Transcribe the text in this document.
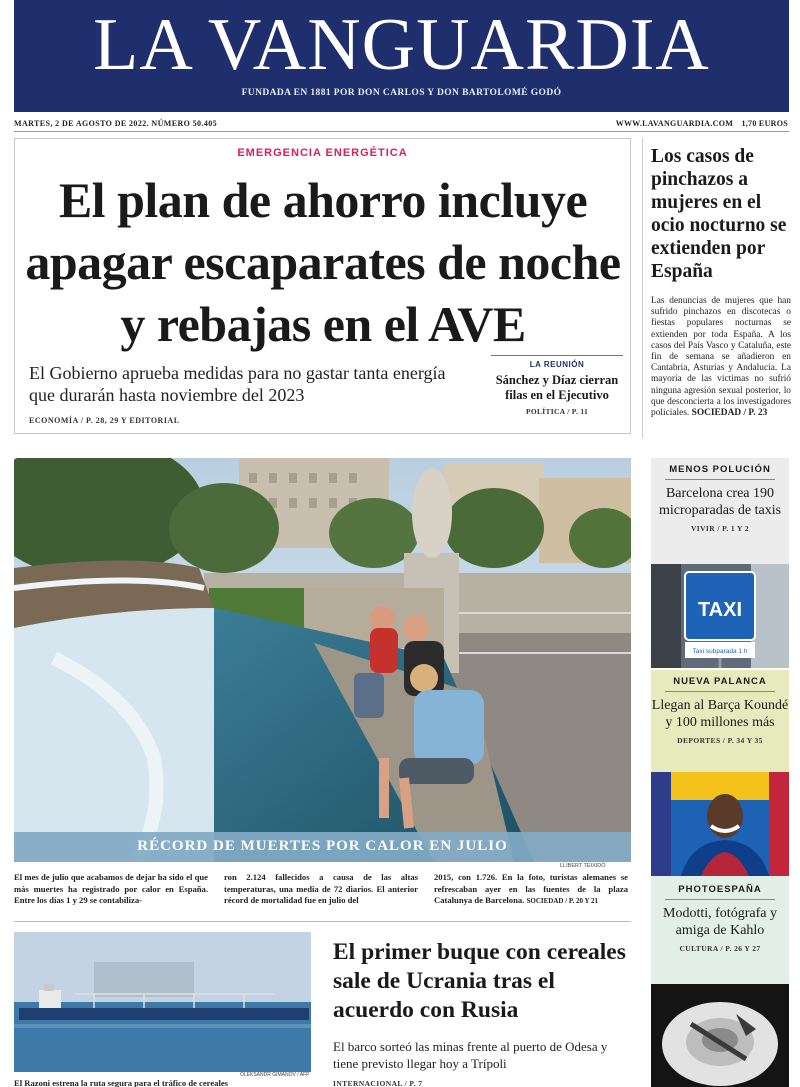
LA VANGUARDIA
FUNDADA EN 1881 POR DON CARLOS Y DON BARTOLOMÉ GODÓ
MARTES, 2 DE AGOSTO DE 2022. NÚMERO 50.405	WWW.LAVANGUARDIA.COM 1,70 EUROS
EMERGENCIA ENERGÉTICA
El plan de ahorro incluye apagar escaparates de noche y rebajas en el AVE
El Gobierno aprueba medidas para no gastar tanta energía que durarán hasta noviembre del 2023
ECONOMÍA / P. 28, 29 Y EDITORIAL
LA REUNIÓN
Sánchez y Díaz cierran filas en el Ejecutivo
POLÍTICA / P. 11
Los casos de pinchazos a mujeres en el ocio nocturno se extienden por España
Las denuncias de mujeres que han sufrido pinchazos en discotecas o fiestas populares nocturnas se extienden por toda España. A los casos del País Vasco y Cataluña, este fin de semana se añadieron en Cantabria, Asturias y Andalucía. La mayoría de las víctimas no sufrió ninguna agresión sexual posterior, lo que desconcierta a los investigadores policiales. SOCIEDAD / P. 23
RÉCORD DE MUERTES POR CALOR EN JULIO
LLIBERT TEIXIDÓ
El mes de julio que acabamos de dejar ha sido el que más muertes ha registrado por calor en España. Entre los días 1 y 29 se contabiliza-
ron 2.124 fallecidos a causa de las altas temperaturas, una media de 72 diarios. El anterior récord de mortalidad fue en julio del
2015, con 1.726. En la foto, turistas alemanes se refrescaban ayer en las fuentes de la plaza Catalunya de Barcelona. SOCIEDAD / P. 20 Y 21
MENOS POLUCIÓN
Barcelona crea 190 microparadas de taxis
VIVIR / P. 1 Y 2
TAXI
Taxi subparada 1 h
NUEVA PALANCA
Llegan al Barça Koundé y 100 millones más
DEPORTES / P. 34 Y 35
PHOTOESPAÑA
Modotti, fotógrafa y amiga de Kahlo
CULTURA / P. 26 Y 27
OLEKSANDR GIMANOV / AFP
El Razoni estrena la ruta segura para el tráfico de cereales
El primer buque con cereales sale de Ucrania tras el acuerdo con Rusia
El barco sorteó las minas frente al puerto de Odesa y tiene previsto llegar hoy a Trípoli
INTERNACIONAL / P. 7
